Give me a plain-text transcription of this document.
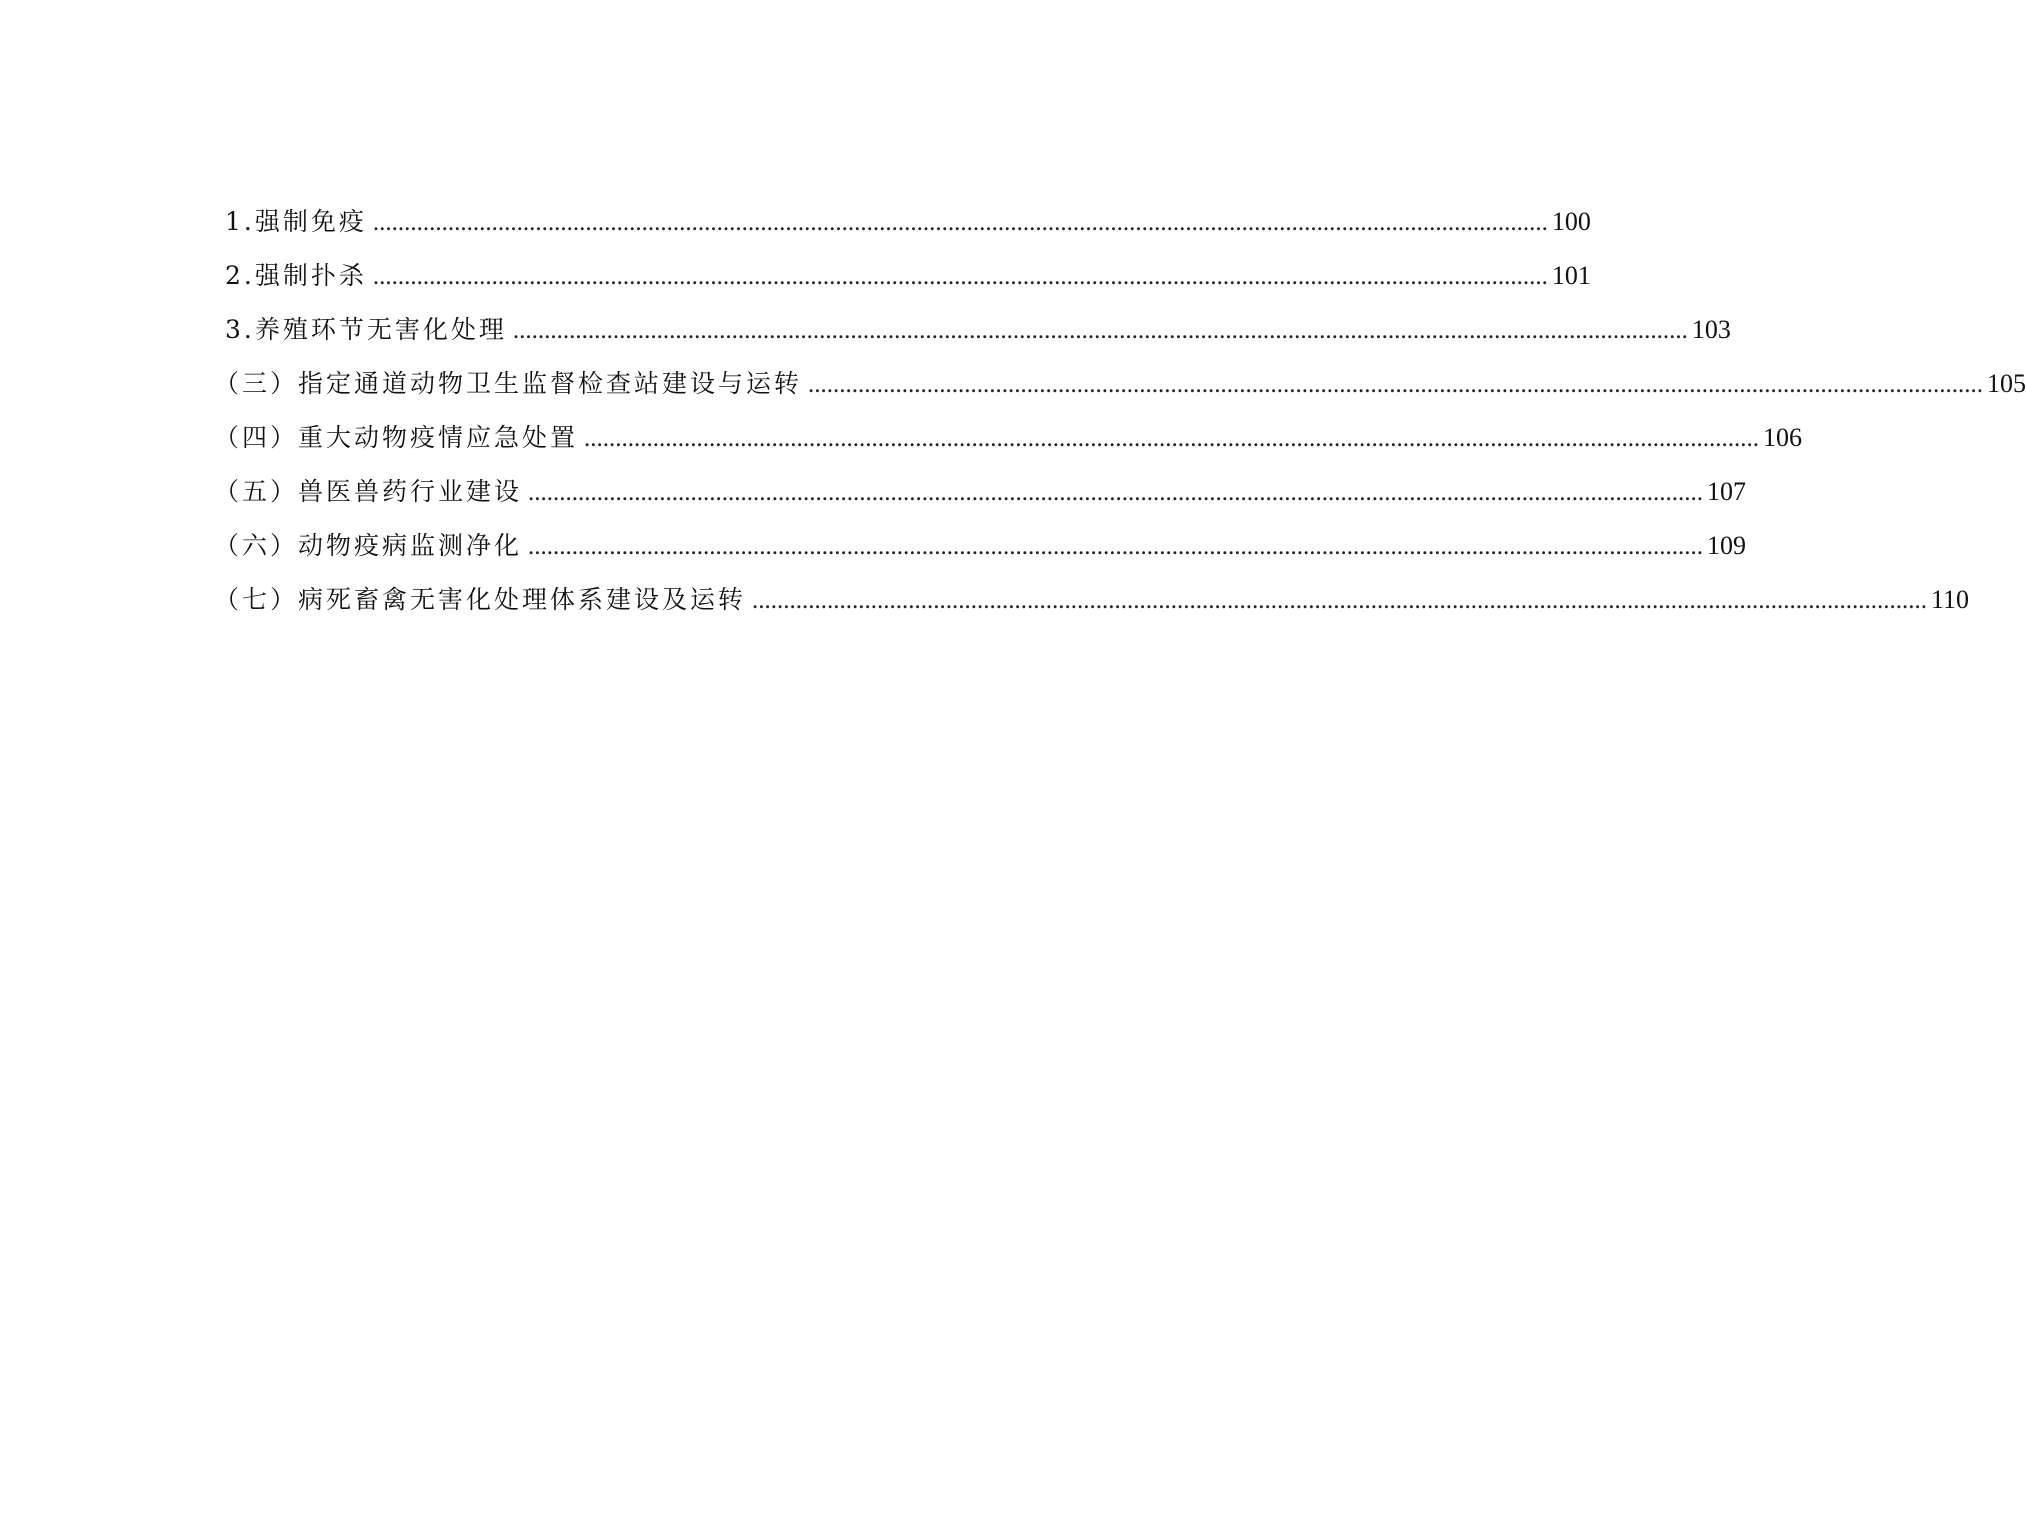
1.强制免疫 ............................................................................................................................................................................................ 100
2.强制扑杀 ............................................................................................................................................................................................ 101
3.养殖环节无害化处理 ............................................................................................................................................................................................ 103
（三）指定通道动物卫生监督检查站建设与运转 ............................................................................................................................................................................................ 105
（四）重大动物疫情应急处置 ............................................................................................................................................................................................ 106
（五）兽医兽药行业建设 ............................................................................................................................................................................................ 107
（六）动物疫病监测净化 ............................................................................................................................................................................................ 109
（七）病死畜禽无害化处理体系建设及运转 ............................................................................................................................................................................................ 110
